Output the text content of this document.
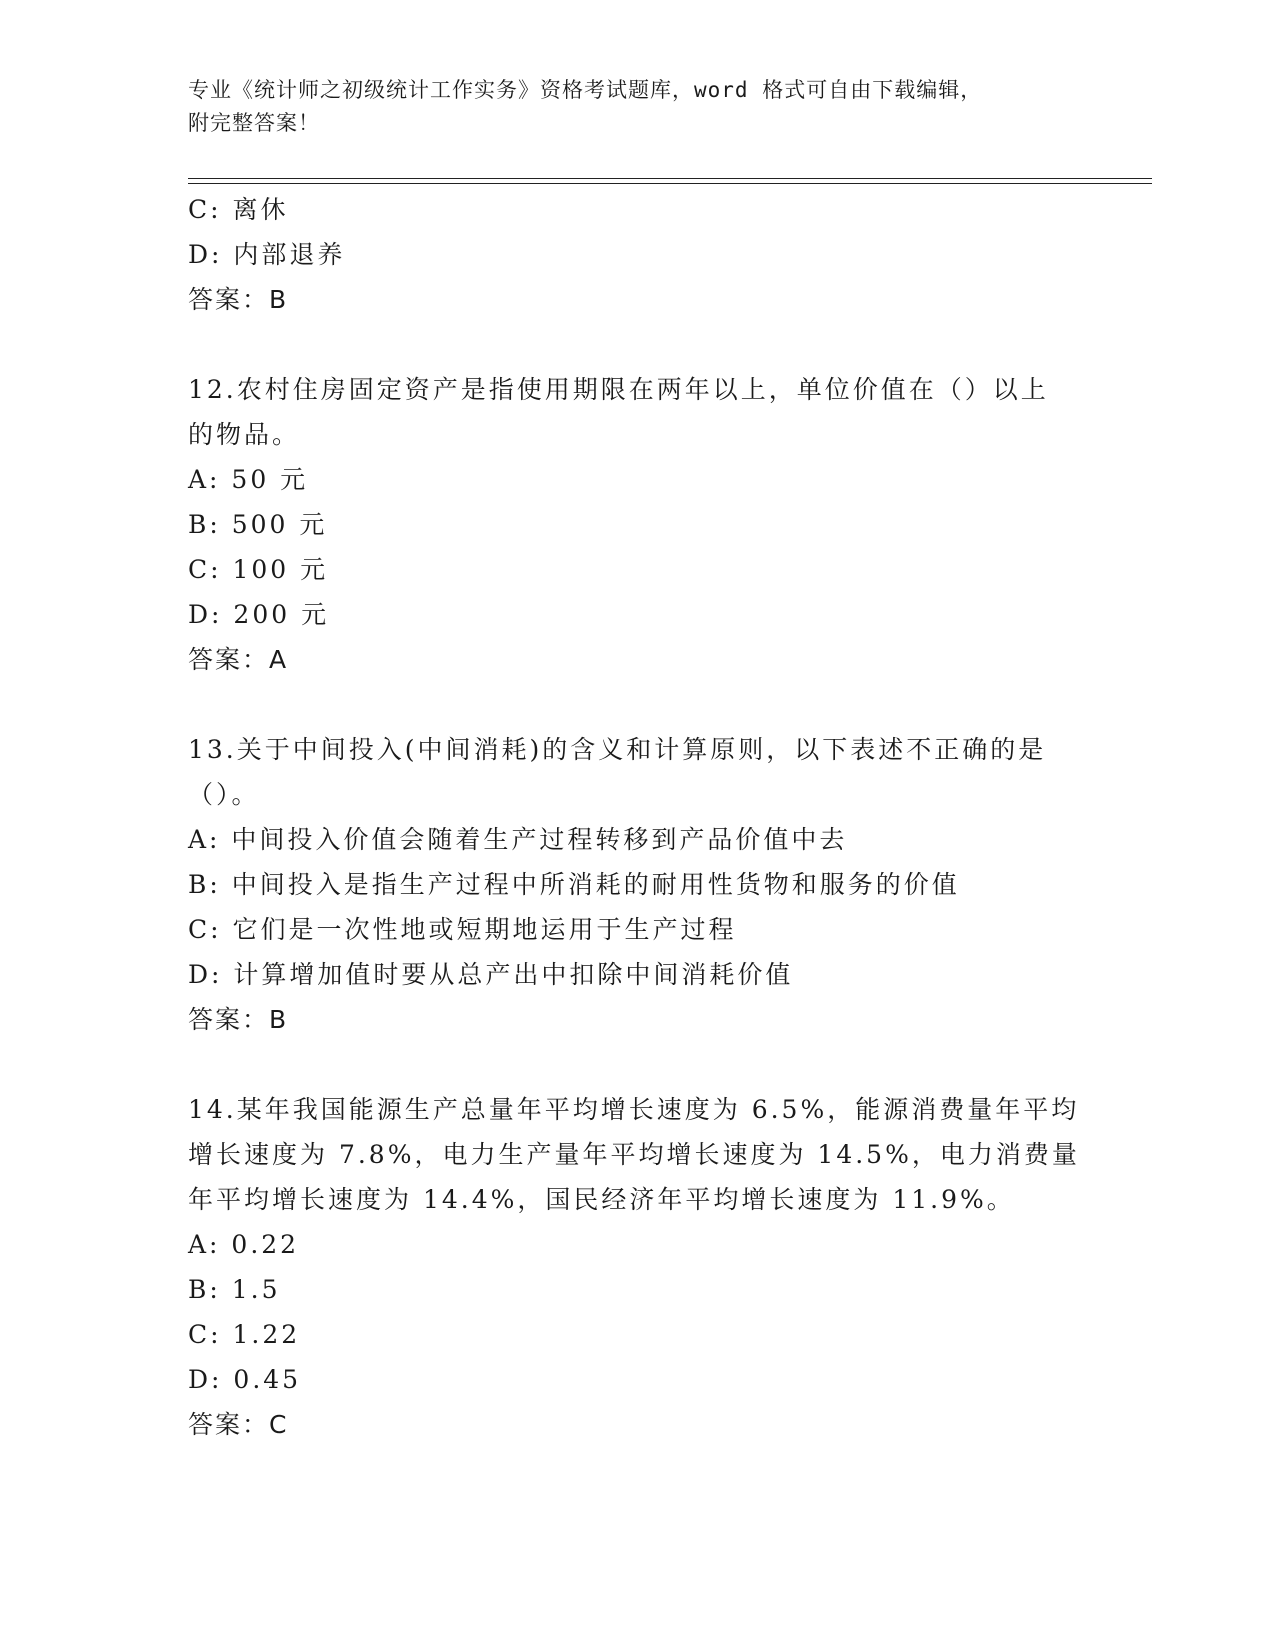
专业《统计师之初级统计工作实务》资格考试题库，word 格式可自由下载编辑，
附完整答案！
C: 离休
D: 内部退养
答案：B
12.农村住房固定资产是指使用期限在两年以上，单位价值在（）以上
的物品。
A: 50 元
B: 500 元
C: 100 元
D: 200 元
答案：A
13.关于中间投入(中间消耗)的含义和计算原则，以下表述不正确的是
（）。
A: 中间投入价值会随着生产过程转移到产品价值中去
B: 中间投入是指生产过程中所消耗的耐用性货物和服务的价值
C: 它们是一次性地或短期地运用于生产过程
D: 计算增加值时要从总产出中扣除中间消耗价值
答案：B
14.某年我国能源生产总量年平均增长速度为 6.5%，能源消费量年平均
增长速度为 7.8%，电力生产量年平均增长速度为 14.5%，电力消费量
年平均增长速度为 14.4%，国民经济年平均增长速度为 11.9%。
A: 0.22
B: 1.5
C: 1.22
D: 0.45
答案：C
